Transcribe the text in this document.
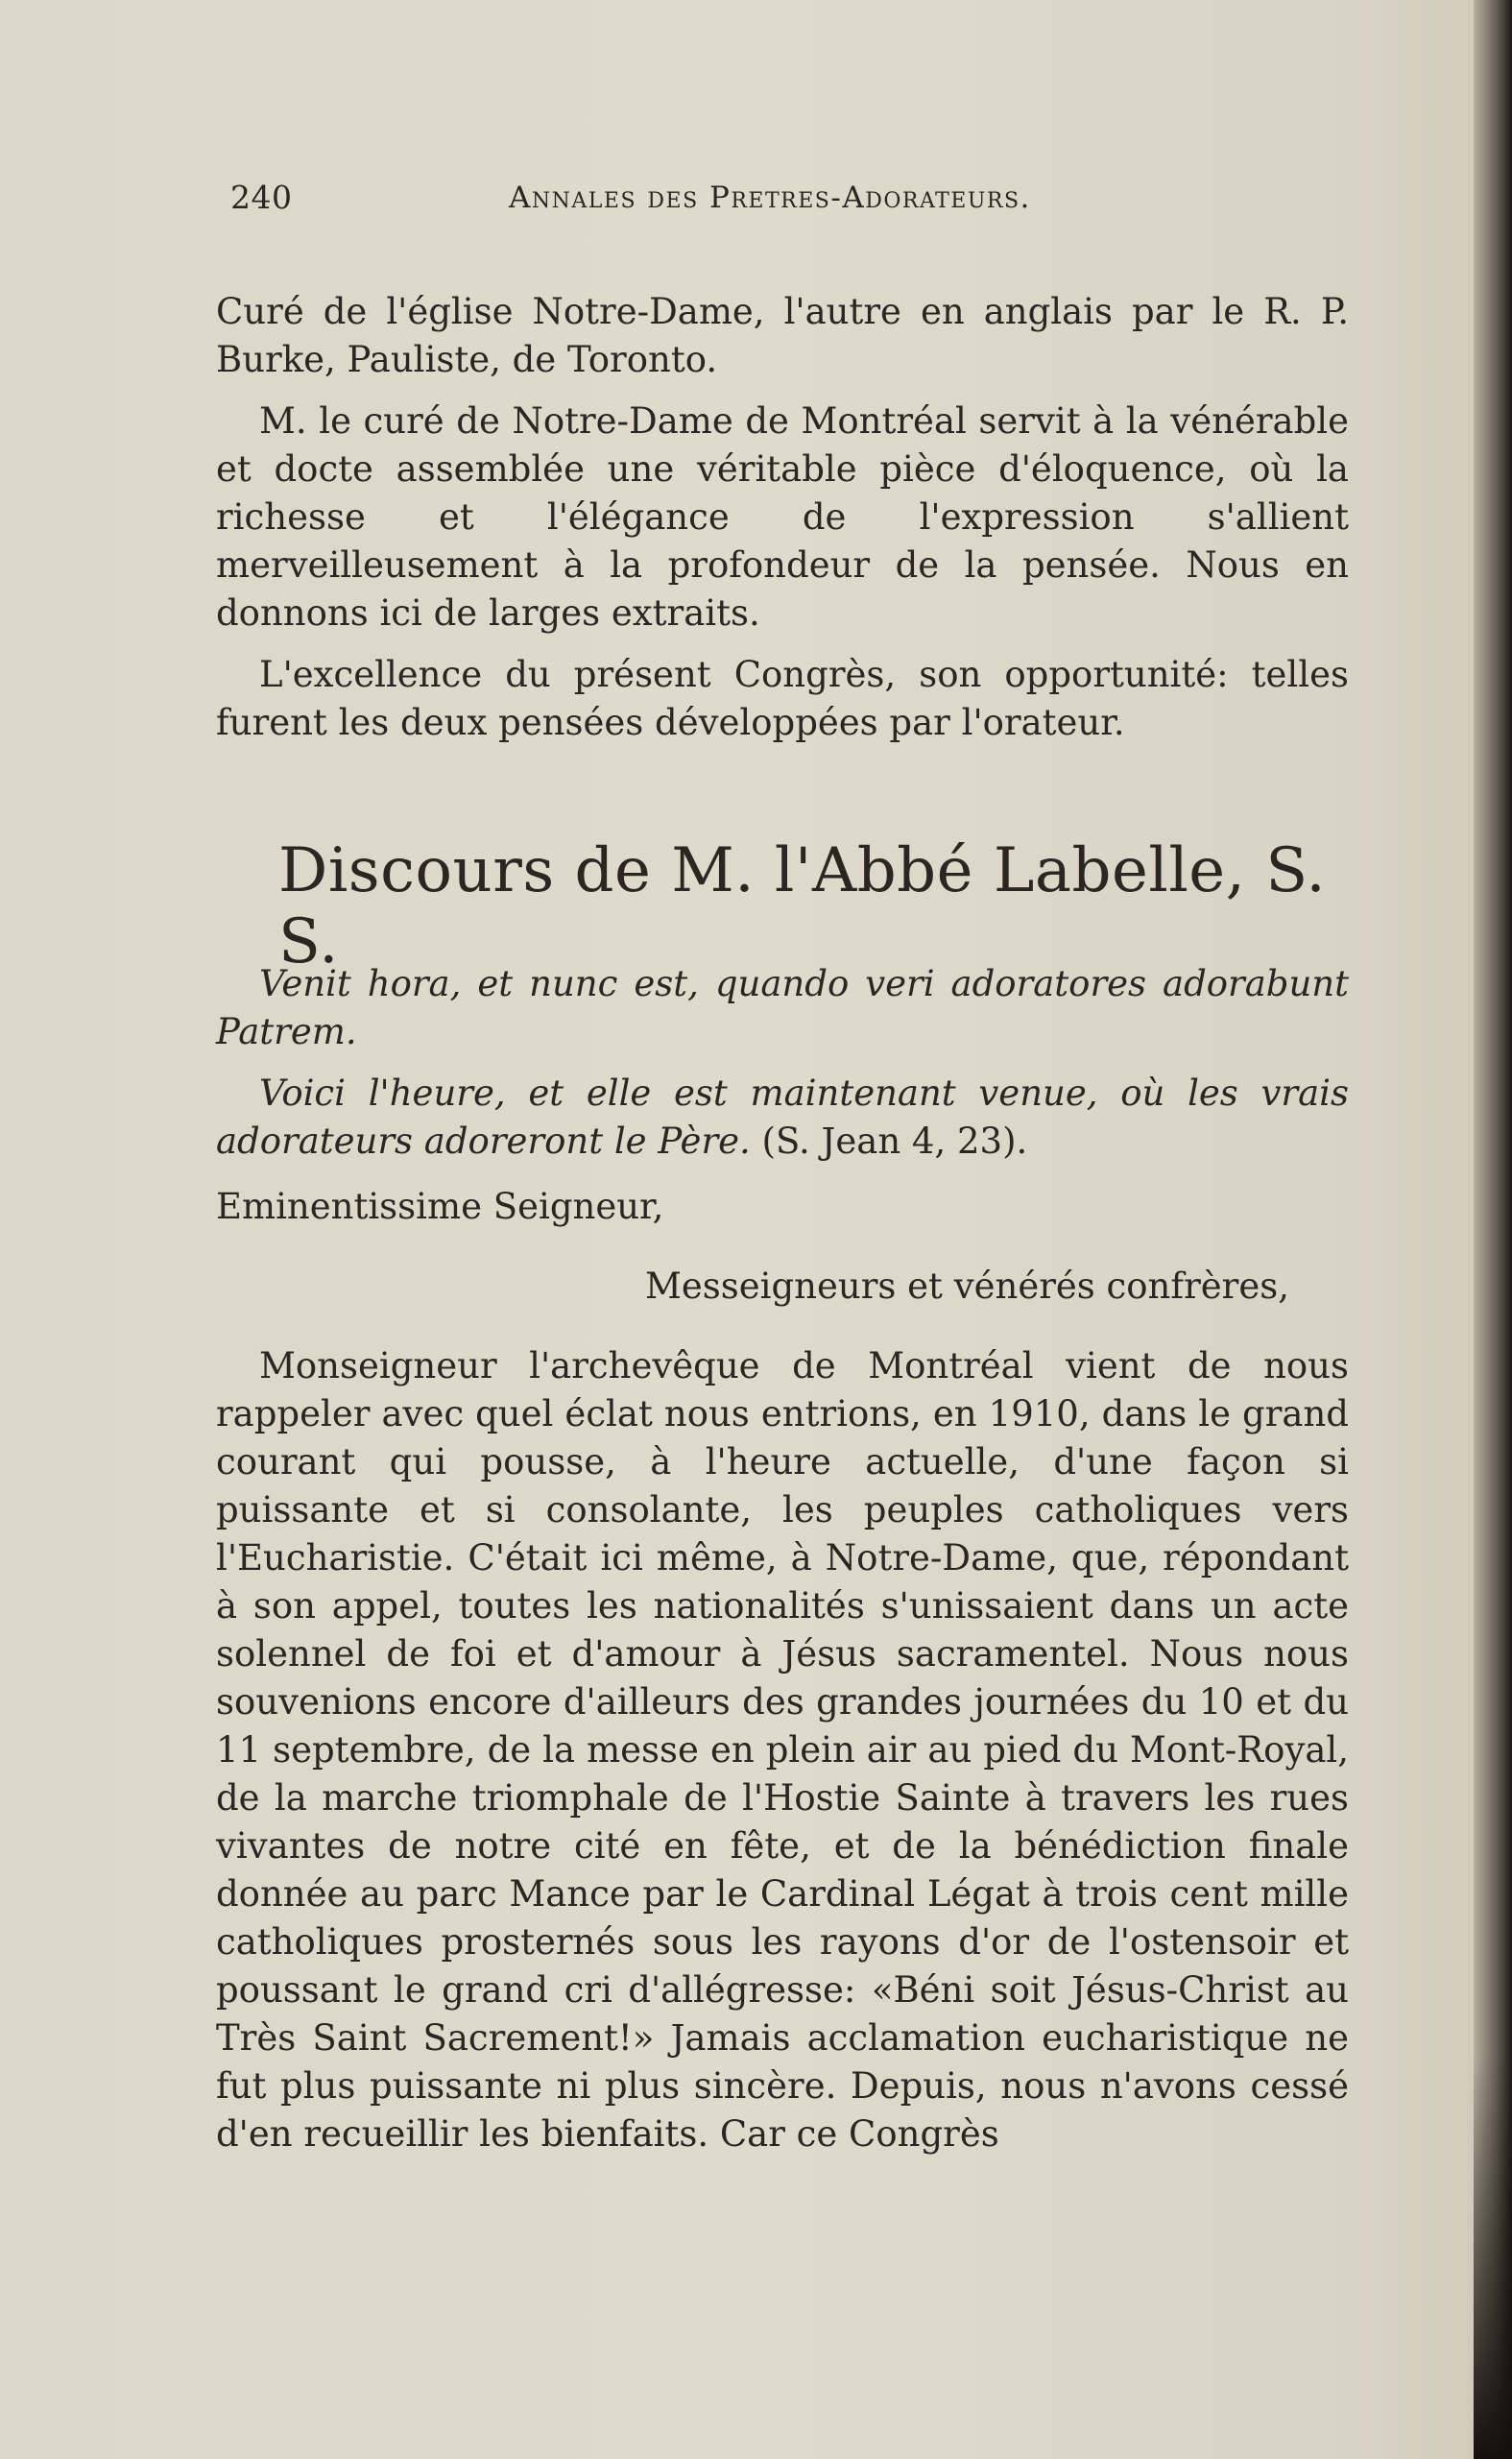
240	Annales des Pretres-Adorateurs.

Curé de l'église Notre-Dame, l'autre en anglais par le R. P. Burke, Pauliste, de Toronto.

M. le curé de Notre-Dame de Montréal servit à la vénérable et docte assemblée une véritable pièce d'éloquence, où la richesse et l'élégance de l'expression s'allient merveilleusement à la profondeur de la pensée. Nous en donnons ici de larges extraits.

L'excellence du présent Congrès, son opportunité: telles furent les deux pensées développées par l'orateur.

Discours de M. l'Abbé Labelle, S. S.

Venit hora, et nunc est, quando veri adoratores adorabunt Patrem.

Voici l'heure, et elle est maintenant venue, où les vrais adorateurs adoreront le Père. (S. Jean 4, 23).

Eminentissime Seigneur,

Messeigneurs et vénérés confrères,

Monseigneur l'archevêque de Montréal vient de nous rappeler avec quel éclat nous entrions, en 1910, dans le grand courant qui pousse, à l'heure actuelle, d'une façon si puissante et si consolante, les peuples catholiques vers l'Eucharistie. C'était ici même, à Notre-Dame, que, répondant à son appel, toutes les nationalités s'unissaient dans un acte solennel de foi et d'amour à Jésus sacramentel. Nous nous souvenions encore d'ailleurs des grandes journées du 10 et du 11 septembre, de la messe en plein air au pied du Mont-Royal, de la marche triomphale de l'Hostie Sainte à travers les rues vivantes de notre cité en fête, et de la bénédiction finale donnée au parc Mance par le Cardinal Légat à trois cent mille catholiques prosternés sous les rayons d'or de l'ostensoir et poussant le grand cri d'allégresse: «Béni soit Jésus-Christ au Très Saint Sacrement!» Jamais acclamation eucharistique ne fut plus puissante ni plus sincère. Depuis, nous n'avons cessé d'en recueillir les bienfaits. Car ce Congrès
